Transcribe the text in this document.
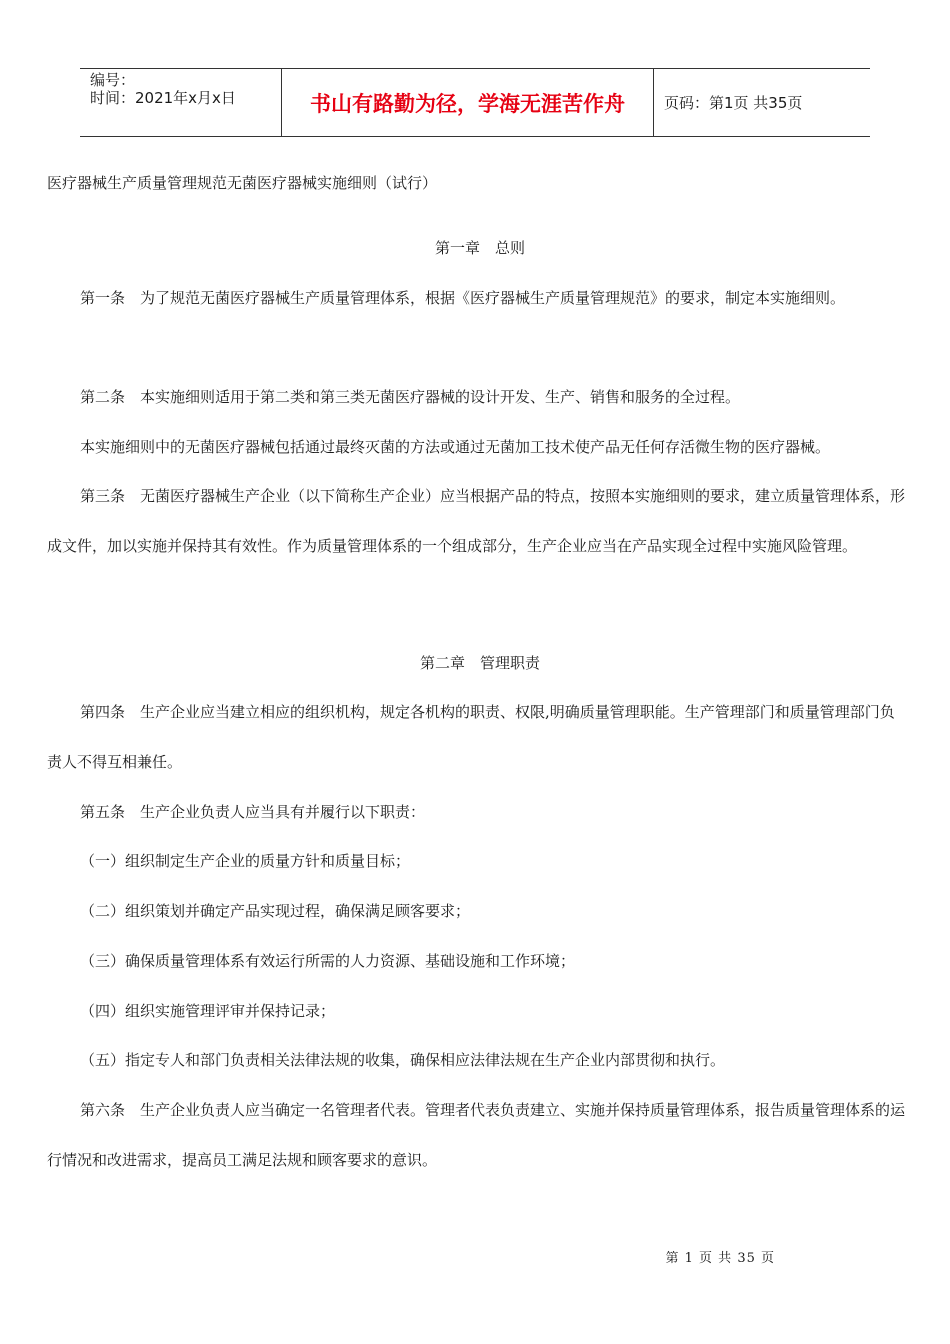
编号：
时间：2021年x月x日	书山有路勤为径，学海无涯苦作舟	页码：第1页 共35页
医疗器械生产质量管理规范无菌医疗器械实施细则（试行）
第一章　总则
第一条　为了规范无菌医疗器械生产质量管理体系，根据《医疗器械生产质量管理规范》的要求，制定本实施细则。
第二条　本实施细则适用于第二类和第三类无菌医疗器械的设计开发、生产、销售和服务的全过程。
本实施细则中的无菌医疗器械包括通过最终灭菌的方法或通过无菌加工技术使产品无任何存活微生物的医疗器械。
第三条　无菌医疗器械生产企业（以下简称生产企业）应当根据产品的特点，按照本实施细则的要求，建立质量管理体系，形成文件，加以实施并保持其有效性。作为质量管理体系的一个组成部分，生产企业应当在产品实现全过程中实施风险管理。
第二章　管理职责
第四条　生产企业应当建立相应的组织机构，规定各机构的职责、权限,明确质量管理职能。生产管理部门和质量管理部门负责人不得互相兼任。
第五条　生产企业负责人应当具有并履行以下职责：
（一）组织制定生产企业的质量方针和质量目标；
（二）组织策划并确定产品实现过程，确保满足顾客要求；
（三）确保质量管理体系有效运行所需的人力资源、基础设施和工作环境；
（四）组织实施管理评审并保持记录；
（五）指定专人和部门负责相关法律法规的收集，确保相应法律法规在生产企业内部贯彻和执行。
第六条　生产企业负责人应当确定一名管理者代表。管理者代表负责建立、实施并保持质量管理体系，报告质量管理体系的运行情况和改进需求，提高员工满足法规和顾客要求的意识。
第 1 页 共 35 页
